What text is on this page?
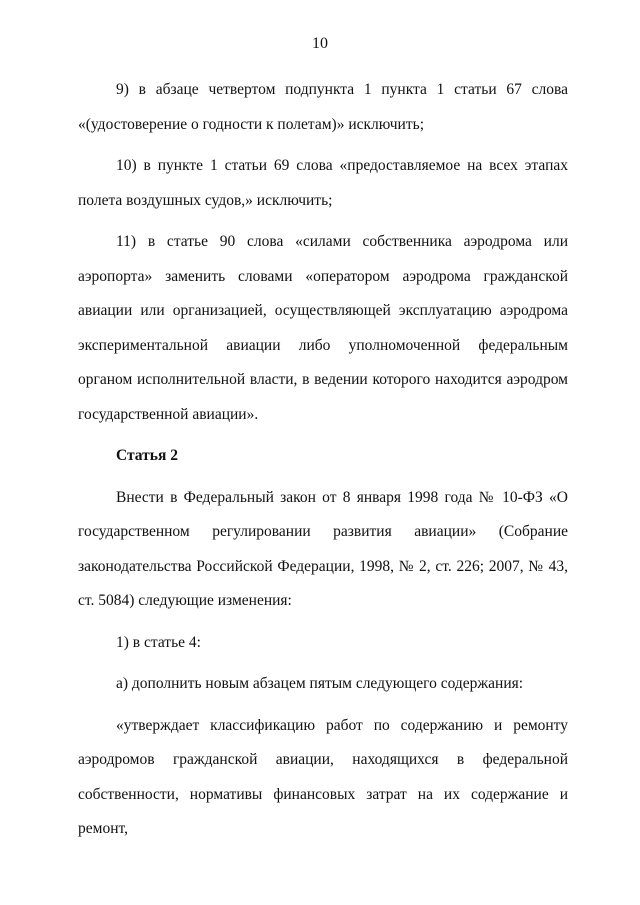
10

9) в абзаце четвертом подпункта 1 пункта 1 статьи 67 слова «(удостоверение о годности к полетам)» исключить;

10) в пункте 1 статьи 69 слова «предоставляемое на всех этапах полета воздушных судов,» исключить;

11) в статье 90 слова «силами собственника аэродрома или аэропорта» заменить словами «оператором аэродрома гражданской авиации или организацией, осуществляющей эксплуатацию аэродрома экспериментальной авиации либо уполномоченной федеральным органом исполнительной власти, в ведении которого находится аэродром государственной авиации».

Статья 2

Внести в Федеральный закон от 8 января 1998 года № 10-ФЗ «О государственном регулировании развития авиации» (Собрание законодательства Российской Федерации, 1998, № 2, ст. 226; 2007, № 43, ст. 5084) следующие изменения:

1) в статье 4:

а) дополнить новым абзацем пятым следующего содержания:

«утверждает классификацию работ по содержанию и ремонту аэродромов гражданской авиации, находящихся в федеральной собственности, нормативы финансовых затрат на их содержание и ремонт,
